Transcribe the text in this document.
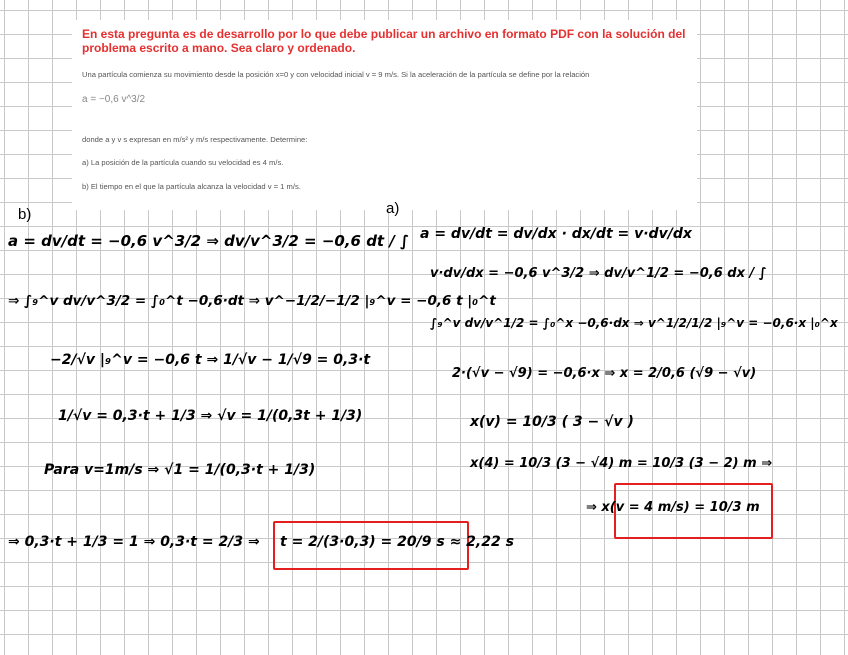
En esta pregunta es de desarrollo por lo que debe publicar un archivo en formato PDF con la solución del problema escrito a mano. Sea claro y ordenado.
Una partícula comienza su movimiento desde la posición x=0 y con velocidad inicial v = 9 m/s. Si la aceleración de la partícula se define por la relación
a = −0,6 v^3/2
donde a y v s expresan en m/s² y m/s respectivamente. Determine:
a) La posición de la partícula cuando su velocidad es 4 m/s.
b) El tiempo en el que la partícula alcanza la velocidad v = 1 m/s.
b)	a)
a = dv/dt = −0,6 v^3/2 ⇒ dv/v^3/2 = −0,6 dt / ∫
⇒ ∫₉^v dv/v^3/2 = ∫₀^t −0,6·dt ⇒ v^−1/2/−1/2 |₉^v = −0,6 t |₀^t
−2/√v |₉^v = −0,6 t ⇒ 1/√v − 1/√9 = 0,3·t
1/√v = 0,3·t + 1/3 ⇒ √v = 1/(0,3t + 1/3)
Para v=1m/s ⇒ √1 = 1/(0,3·t + 1/3)
⇒ 0,3·t + 1/3 = 1 ⇒ 0,3·t = 2/3 ⇒ t = 2/(3·0,3) = 20/9 s ≈ 2,22 s
a = dv/dt = dv/dx · dx/dt = v·dv/dx
v·dv/dx = −0,6 v^3/2 ⇒ dv/v^1/2 = −0,6 dx / ∫
∫₉^v dv/v^1/2 = ∫₀^x −0,6·dx ⇒ v^1/2/1/2 |₉^v = −0,6·x |₀^x
2·(√v − √9) = −0,6·x ⇒ x = 2/0,6 (√9 − √v)
x(v) = 10/3 ( 3 − √v )
x(4) = 10/3 (3 − √4) m = 10/3 (3 − 2) m ⇒
⇒ x(v = 4 m/s) = 10/3 m
